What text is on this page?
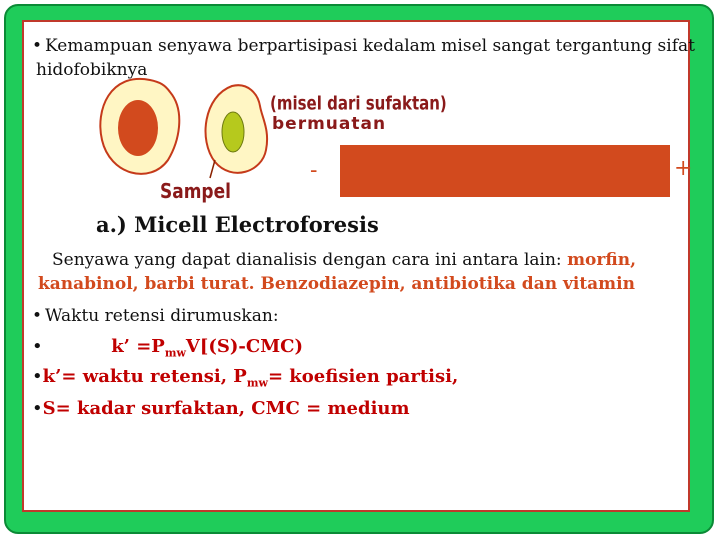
• Kemampuan senyawa berpartisipasi kedalam misel sangat tergantung sifat
hidofobiknya
(misel dari sufaktan)
bermuatan
Sampel
-	+
a.) Micell Electroforesis
Senyawa yang dapat dianalisis dengan cara ini antara lain: morfin,
kanabinol, barbi turat. Benzodiazepin, antibiotika dan vitamin
• Waktu retensi dirumuskan:
•	k’ $=P_{mw}V[(S)-CMC)$
•k’= waktu retensi, $P_{mw}=$ koefisien partisi,
•S= kadar surfaktan, CMC = medium
